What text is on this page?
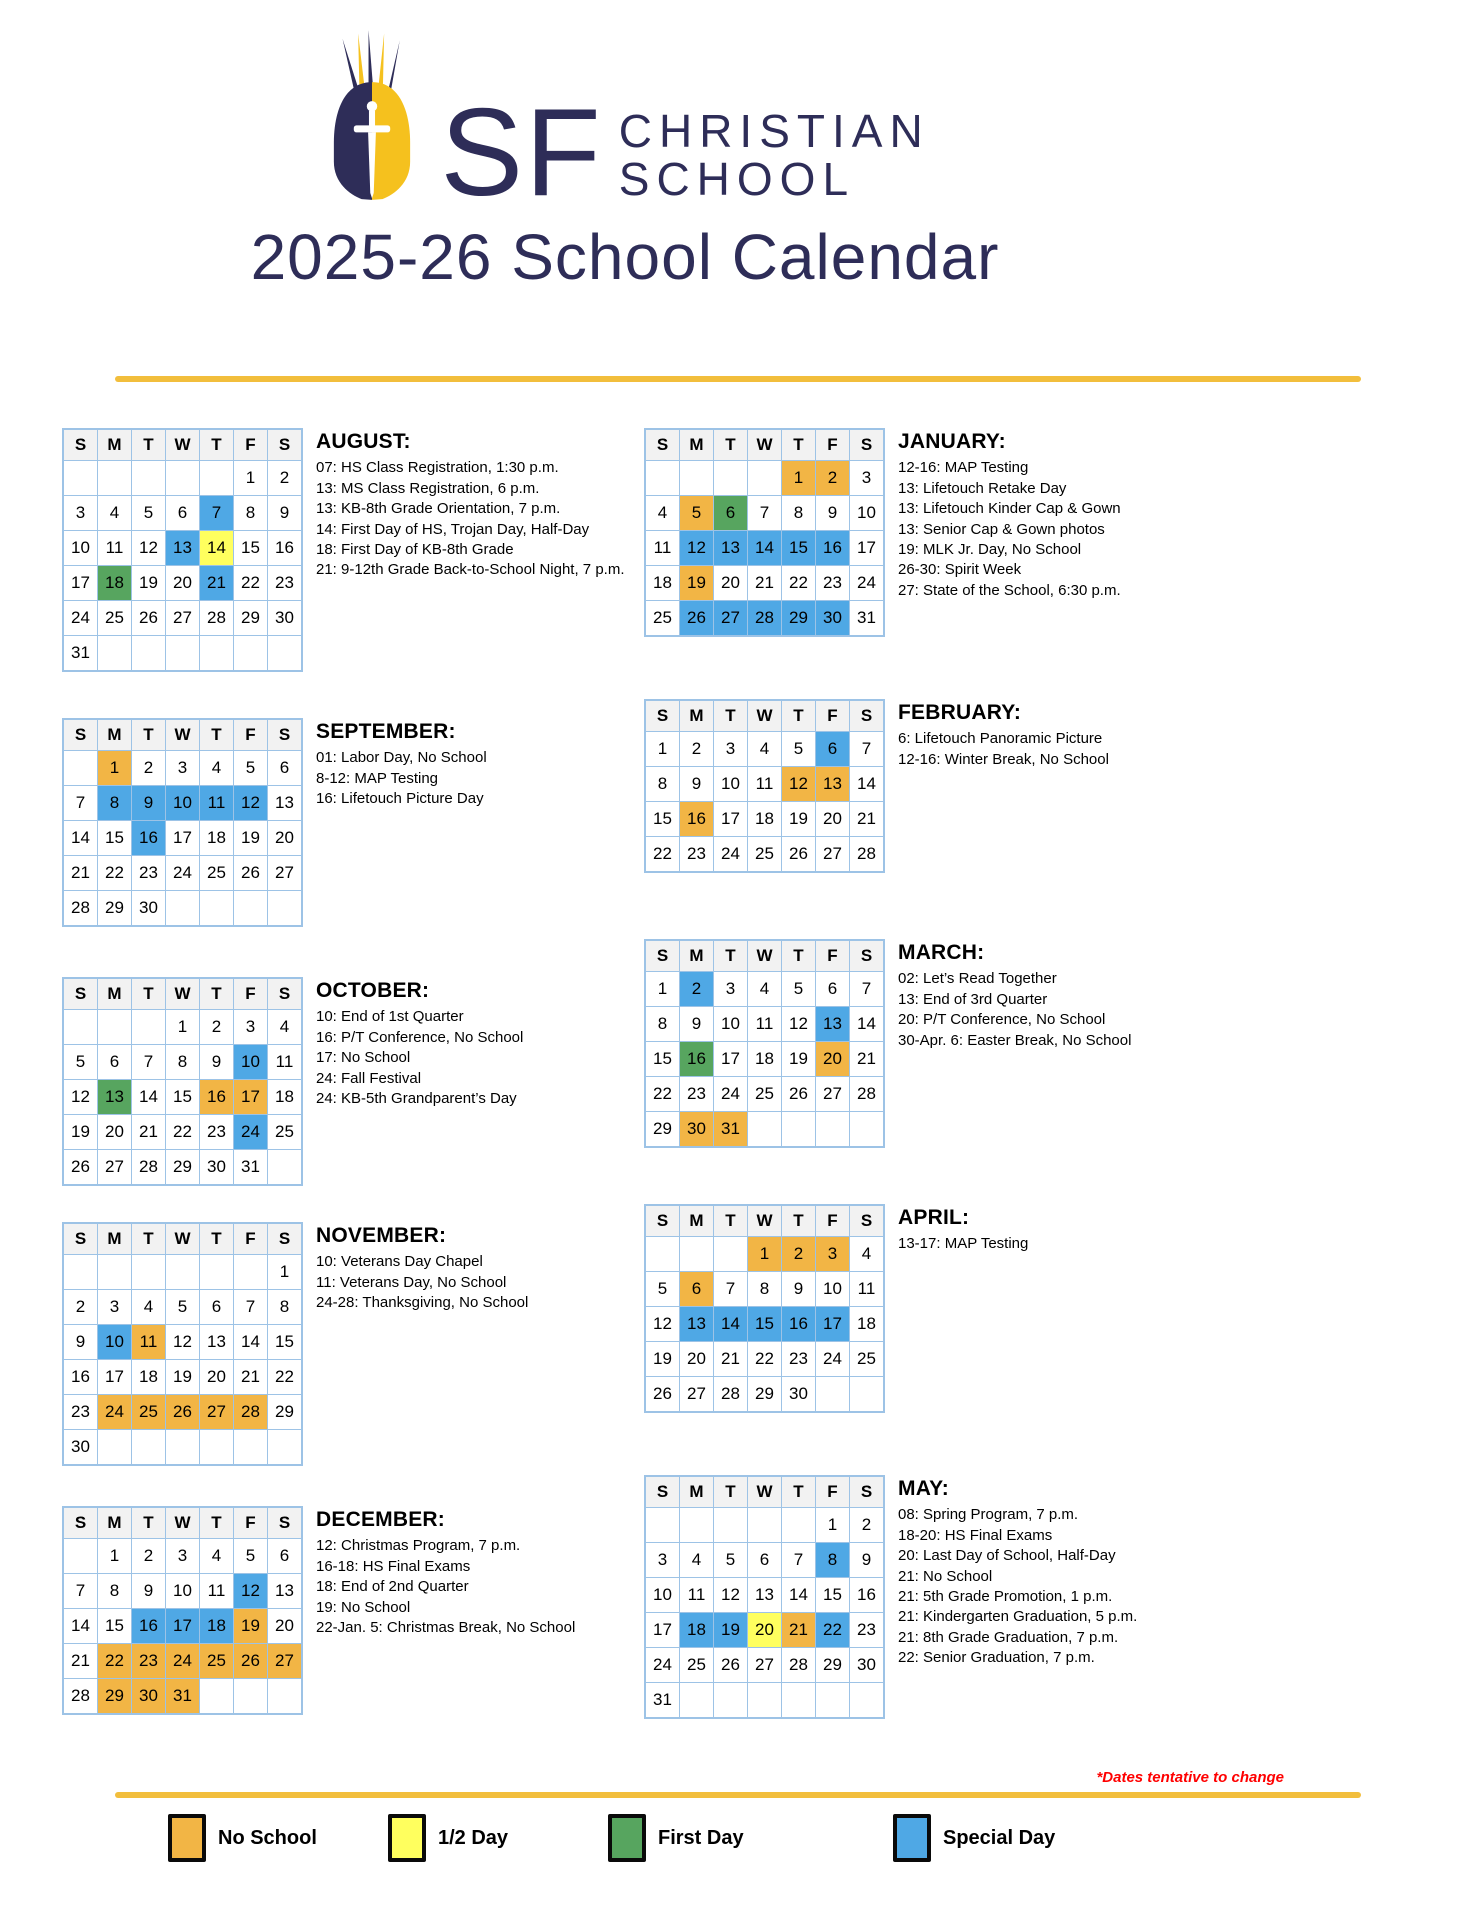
SF CHRISTIAN
SCHOOL
2025-26 School Calendar
S	M	T	W	T	F	S
					1	2
3	4	5	6	7	8	9
10	11	12	13	14	15	16
17	18	19	20	21	22	23
24	25	26	27	28	29	30
31						
AUGUST:
07: HS Class Registration, 1:30 p.m.
13: MS Class Registration, 6 p.m.
13: KB-8th Grade Orientation, 7 p.m.
14: First Day of HS, Trojan Day, Half-Day
18: First Day of KB-8th Grade
21: 9-12th Grade Back-to-School Night, 7 p.m.
S	M	T	W	T	F	S
	1	2	3	4	5	6
7	8	9	10	11	12	13
14	15	16	17	18	19	20
21	22	23	24	25	26	27
28	29	30				
SEPTEMBER:
01: Labor Day, No School
8-12: MAP Testing
16: Lifetouch Picture Day
S	M	T	W	T	F	S
			1	2	3	4
5	6	7	8	9	10	11
12	13	14	15	16	17	18
19	20	21	22	23	24	25
26	27	28	29	30	31	
OCTOBER:
10: End of 1st Quarter
16: P/T Conference, No School
17: No School
24: Fall Festival
24: KB-5th Grandparent’s Day
S	M	T	W	T	F	S
						1
2	3	4	5	6	7	8
9	10	11	12	13	14	15
16	17	18	19	20	21	22
23	24	25	26	27	28	29
30						
NOVEMBER:
10: Veterans Day Chapel
11: Veterans Day, No School
24-28: Thanksgiving, No School
S	M	T	W	T	F	S
	1	2	3	4	5	6
7	8	9	10	11	12	13
14	15	16	17	18	19	20
21	22	23	24	25	26	27
28	29	30	31			
DECEMBER:
12: Christmas Program, 7 p.m.
16-18: HS Final Exams
18: End of 2nd Quarter
19: No School
22-Jan. 5: Christmas Break, No School
S	M	T	W	T	F	S
				1	2	3
4	5	6	7	8	9	10
11	12	13	14	15	16	17
18	19	20	21	22	23	24
25	26	27	28	29	30	31
JANUARY:
12-16: MAP Testing
13: Lifetouch Retake Day
13: Lifetouch Kinder Cap & Gown
13: Senior Cap & Gown photos
19: MLK Jr. Day, No School
26-30: Spirit Week
27: State of the School, 6:30 p.m.
S	M	T	W	T	F	S
1	2	3	4	5	6	7
8	9	10	11	12	13	14
15	16	17	18	19	20	21
22	23	24	25	26	27	28
FEBRUARY:
6: Lifetouch Panoramic Picture
12-16: Winter Break, No School
S	M	T	W	T	F	S
1	2	3	4	5	6	7
8	9	10	11	12	13	14
15	16	17	18	19	20	21
22	23	24	25	26	27	28
29	30	31				
MARCH:
02: Let’s Read Together
13: End of 3rd Quarter
20: P/T Conference, No School
30-Apr. 6: Easter Break, No School
S	M	T	W	T	F	S
			1	2	3	4
5	6	7	8	9	10	11
12	13	14	15	16	17	18
19	20	21	22	23	24	25
26	27	28	29	30		
APRIL:
13-17: MAP Testing
S	M	T	W	T	F	S
					1	2
3	4	5	6	7	8	9
10	11	12	13	14	15	16
17	18	19	20	21	22	23
24	25	26	27	28	29	30
31						
MAY:
08: Spring Program, 7 p.m.
18-20: HS Final Exams
20: Last Day of School, Half-Day
21: No School
21: 5th Grade Promotion, 1 p.m.
21: Kindergarten Graduation, 5 p.m.
21: 8th Grade Graduation, 7 p.m.
22: Senior Graduation, 7 p.m.
*Dates tentative to change
No School	1/2 Day	First Day	Special Day
